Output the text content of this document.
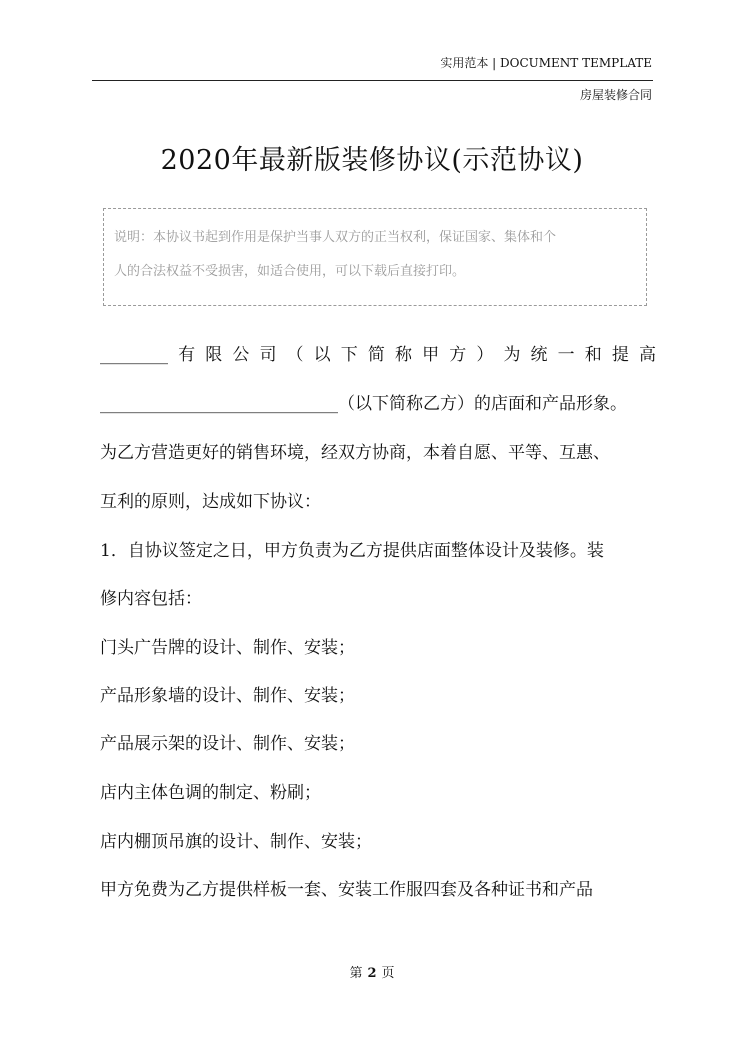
实用范本 | DOCUMENT TEMPLATE
房屋装修合同
2020年最新版装修协议(示范协议)
说明：本协议书起到作用是保护当事人双方的正当权利，保证国家、集体和个
人的合法权益不受损害，如适合使用，可以下载后直接打印。
________有限公司（以下简称甲方）为统一和提高
____________________________（以下简称乙方）的店面和产品形象。
为乙方营造更好的销售环境，经双方协商，本着自愿、平等、互惠、
互利的原则，达成如下协议：
1．自协议签定之日，甲方负责为乙方提供店面整体设计及装修。装
修内容包括：
门头广告牌的设计、制作、安装；
产品形象墙的设计、制作、安装；
产品展示架的设计、制作、安装；
店内主体色调的制定、粉刷；
店内棚顶吊旗的设计、制作、安装；
甲方免费为乙方提供样板一套、安装工作服四套及各种证书和产品
第 2 页
